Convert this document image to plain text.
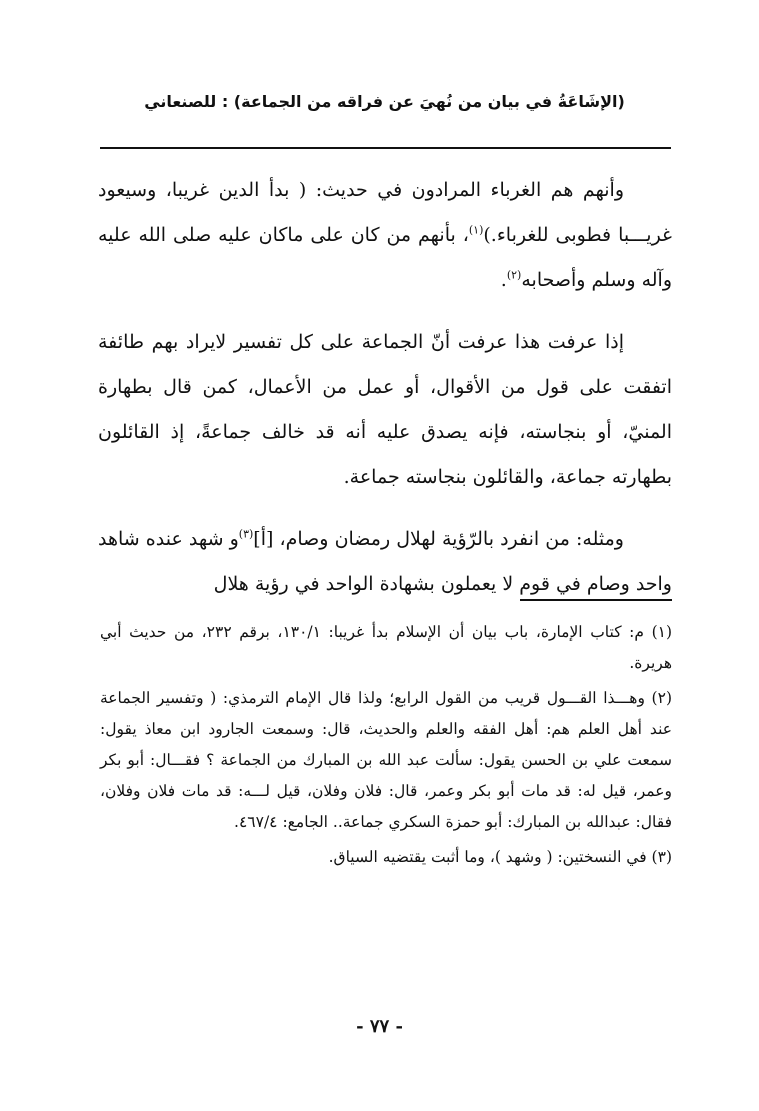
(الإشَاعَةُ في بيان من نُهيَ عن فراقه من الجماعة) : للصنعاني

وأنهم هم الغرباء المرادون في حديث: ( بدأ الدين غريبا، وسيعود غريـــبا فطوبى للغرباء.)$^{(١)}$، بأنهم من كان على ماكان عليه صلى الله عليه وآله وسلم وأصحابه$^{(٢)}$.

إذا عرفت هذا عرفت أنّ الجماعة على كل تفسير لايراد بهم طائفة اتفقت على قول من الأقوال، أو عمل من الأعمال، كمن قال بطهارة المنيّ، أو بنجاسته، فإنه يصدق عليه أنه قد خالف جماعةً، إذ القائلون بطهارته جماعة، والقائلون بنجاسته جماعة.

ومثله: من انفرد بالرّؤية لهلال رمضان وصام، [أ]$^{(٣)}$و شهد عنده شاهد واحد وصام في قوم لا يعملون بشهادة الواحد في رؤية هلال

(١) م: كتاب الإمارة، باب بيان أن الإسلام بدأ غريبا: ١٣٠/١، برقم ٢٣٢، من حديث أبي هريرة.

(٢) وهـــذا القـــول قريب من القول الرابع؛ ولذا قال الإمام الترمذي: ( وتفسير الجماعة عند أهل العلم هم: أهل الفقه والعلم والحديث، قال: وسمعت الجارود ابن معاذ يقول: سمعت علي بن الحسن يقول: سألت عبد الله بن المبارك من الجماعة ؟ فقـــال: أبو بكر وعمر، قيل له: قد مات أبو بكر وعمر، قال: فلان وفلان، قيل لـــه: قد مات فلان وفلان، فقال: عبدالله بن المبارك: أبو حمزة السكري جماعة.. الجامع: ٤٦٧/٤.

(٣) في النسختين: ( وشهد )، وما أثبت يقتضيه السياق.

- ٧٧ -
